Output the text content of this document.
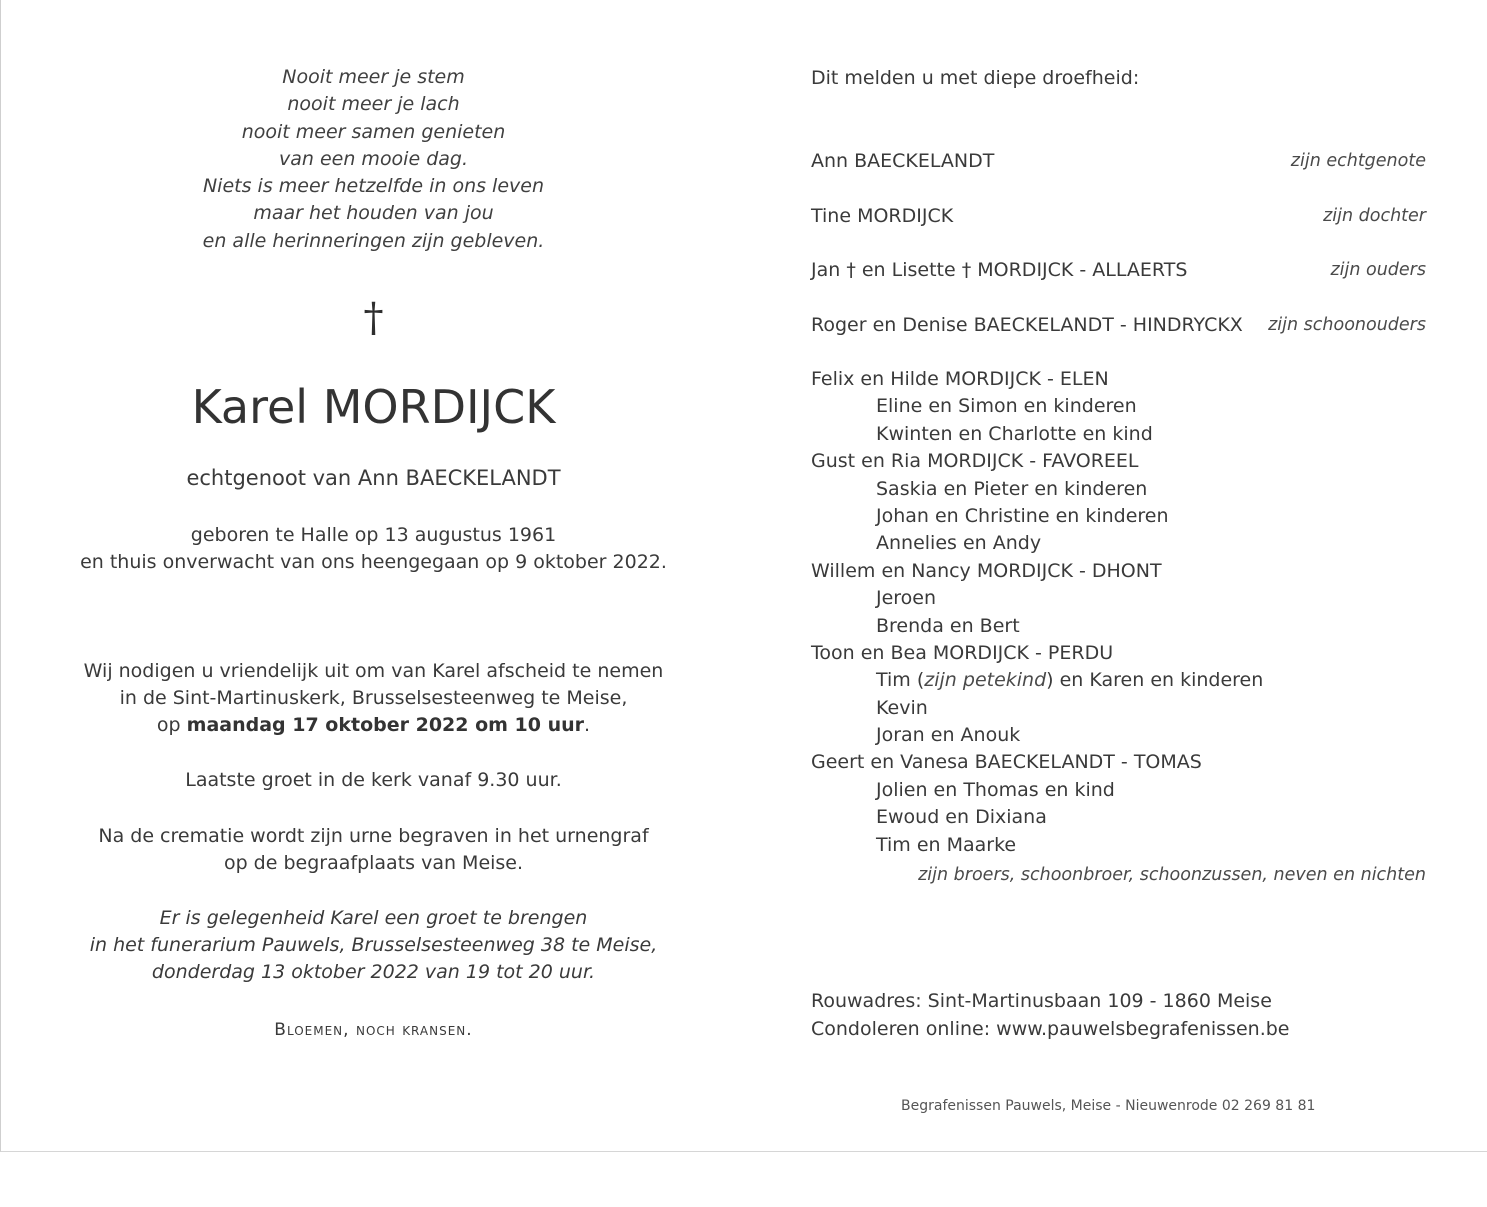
Nooit meer je stem
nooit meer je lach
nooit meer samen genieten
van een mooie dag.
Niets is meer hetzelfde in ons leven
maar het houden van jou
en alle herinneringen zijn gebleven.
†
Karel MORDIJCK
echtgenoot van Ann BAECKELANDT
geboren te Halle op 13 augustus 1961
en thuis onverwacht van ons heengegaan op 9 oktober 2022.
Wij nodigen u vriendelijk uit om van Karel afscheid te nemen
in de Sint-Martinuskerk, Brusselsesteenweg te Meise,
op maandag 17 oktober 2022 om 10 uur.
Laatste groet in de kerk vanaf 9.30 uur.
Na de crematie wordt zijn urne begraven in het urnengraf
op de begraafplaats van Meise.
Er is gelegenheid Karel een groet te brengen
in het funerarium Pauwels, Brusselsesteenweg 38 te Meise,
donderdag 13 oktober 2022 van 19 tot 20 uur.
Bloemen, noch kransen.
Dit melden u met diepe droefheid:
Ann BAECKELANDT	zijn echtgenote
Tine MORDIJCK	zijn dochter
Jan † en Lisette † MORDIJCK - ALLAERTS	zijn ouders
Roger en Denise BAECKELANDT - HINDRYCKX zijn schoonouders
Felix en Hilde MORDIJCK - ELEN
Eline en Simon en kinderen
Kwinten en Charlotte en kind
Gust en Ria MORDIJCK - FAVOREEL
Saskia en Pieter en kinderen
Johan en Christine en kinderen
Annelies en Andy
Willem en Nancy MORDIJCK - DHONT
Jeroen
Brenda en Bert
Toon en Bea MORDIJCK - PERDU
Tim (zijn petekind) en Karen en kinderen
Kevin
Joran en Anouk
Geert en Vanesa BAECKELANDT - TOMAS
Jolien en Thomas en kind
Ewoud en Dixiana
Tim en Maarke
zijn broers, schoonbroer, schoonzussen, neven en nichten
Rouwadres: Sint-Martinusbaan 109 - 1860 Meise
Condoleren online: www.pauwelsbegrafenissen.be
Begrafenissen Pauwels, Meise - Nieuwenrode 02 269 81 81
